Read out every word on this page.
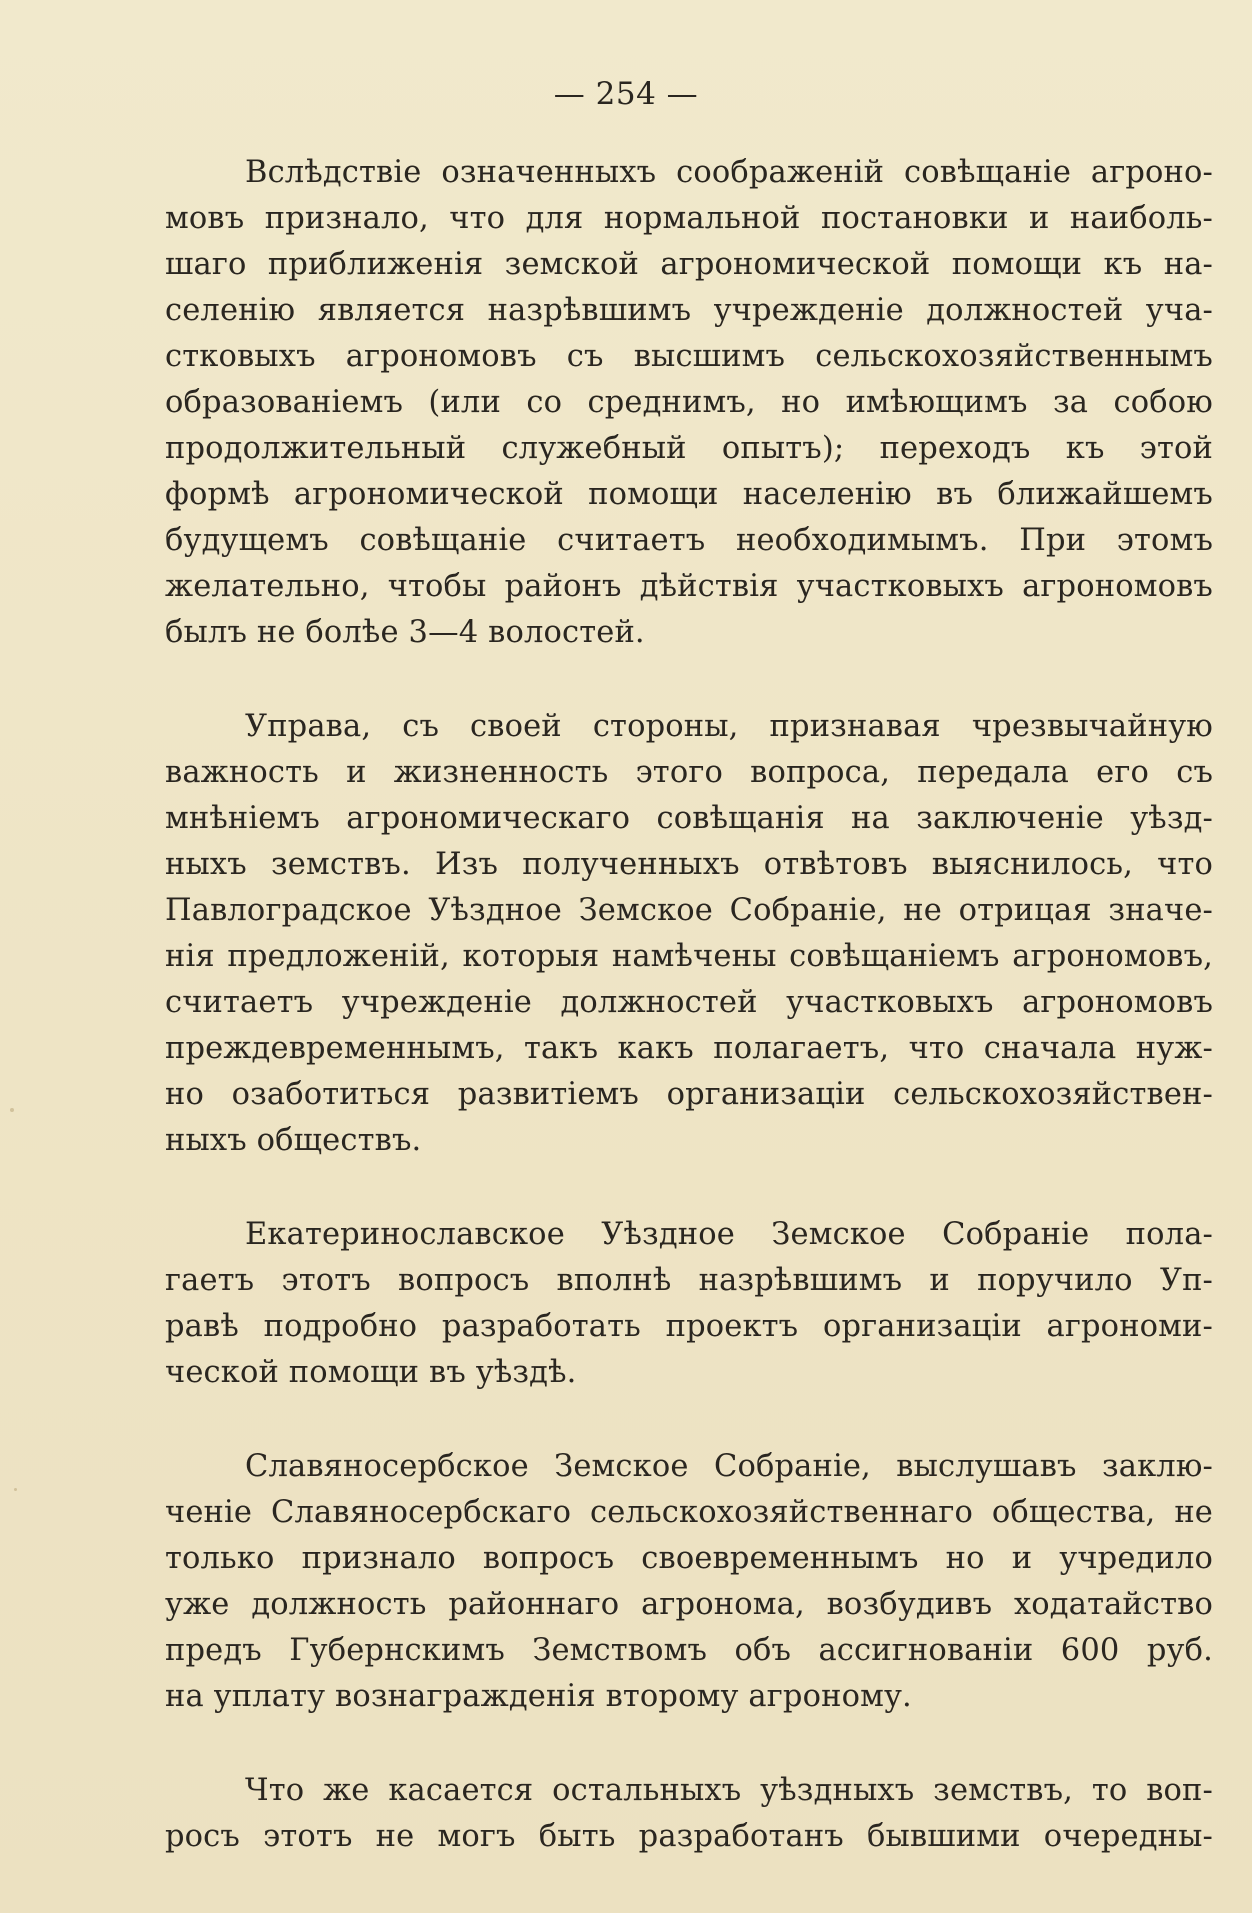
— 254 —
Вслѣдствіе означенныхъ соображеній совѣщаніе агроно-
мовъ признало, что для нормальной постановки и наиболь-
шаго приближенія земской агрономической помощи къ на-
селенію является назрѣвшимъ учрежденіе должностей уча-
стковыхъ агрономовъ съ высшимъ сельскохозяйственнымъ
образованіемъ (или со среднимъ, но имѣющимъ за собою
продолжительный служебный опытъ); переходъ къ этой
формѣ агрономической помощи населенію въ ближайшемъ
будущемъ совѣщаніе считаетъ необходимымъ. При этомъ
желательно, чтобы районъ дѣйствія участковыхъ агрономовъ
былъ не болѣе 3—4 волостей.
Управа, съ своей стороны, признавая чрезвычайную
важность и жизненность этого вопроса, передала его съ
мнѣніемъ агрономическаго совѣщанія на заключеніе уѣзд-
ныхъ земствъ. Изъ полученныхъ отвѣтовъ выяснилось, что
Павлоградское Уѣздное Земское Собраніе, не отрицая значе-
нія предложеній, которыя намѣчены совѣщаніемъ агрономовъ,
считаетъ учрежденіе должностей участковыхъ агрономовъ
преждевременнымъ, такъ какъ полагаетъ, что сначала нуж-
но озаботиться развитіемъ организаціи сельскохозяйствен-
ныхъ обществъ.
Екатеринославское Уѣздное Земское Собраніе пола-
гаетъ этотъ вопросъ вполнѣ назрѣвшимъ и поручило Уп-
равѣ подробно разработать проектъ организаціи агрономи-
ческой помощи въ уѣздѣ.
Славяносербское Земское Собраніе, выслушавъ заклю-
ченіе Славяносербскаго сельскохозяйственнаго общества, не
только признало вопросъ своевременнымъ но и учредило
уже должность районнаго агронома, возбудивъ ходатайство
предъ Губернскимъ Земствомъ объ ассигнованіи 600 руб.
на уплату вознагражденія второму агроному.
Что же касается остальныхъ уѣздныхъ земствъ, то воп-
росъ этотъ не могъ быть разработанъ бывшими очередны-
